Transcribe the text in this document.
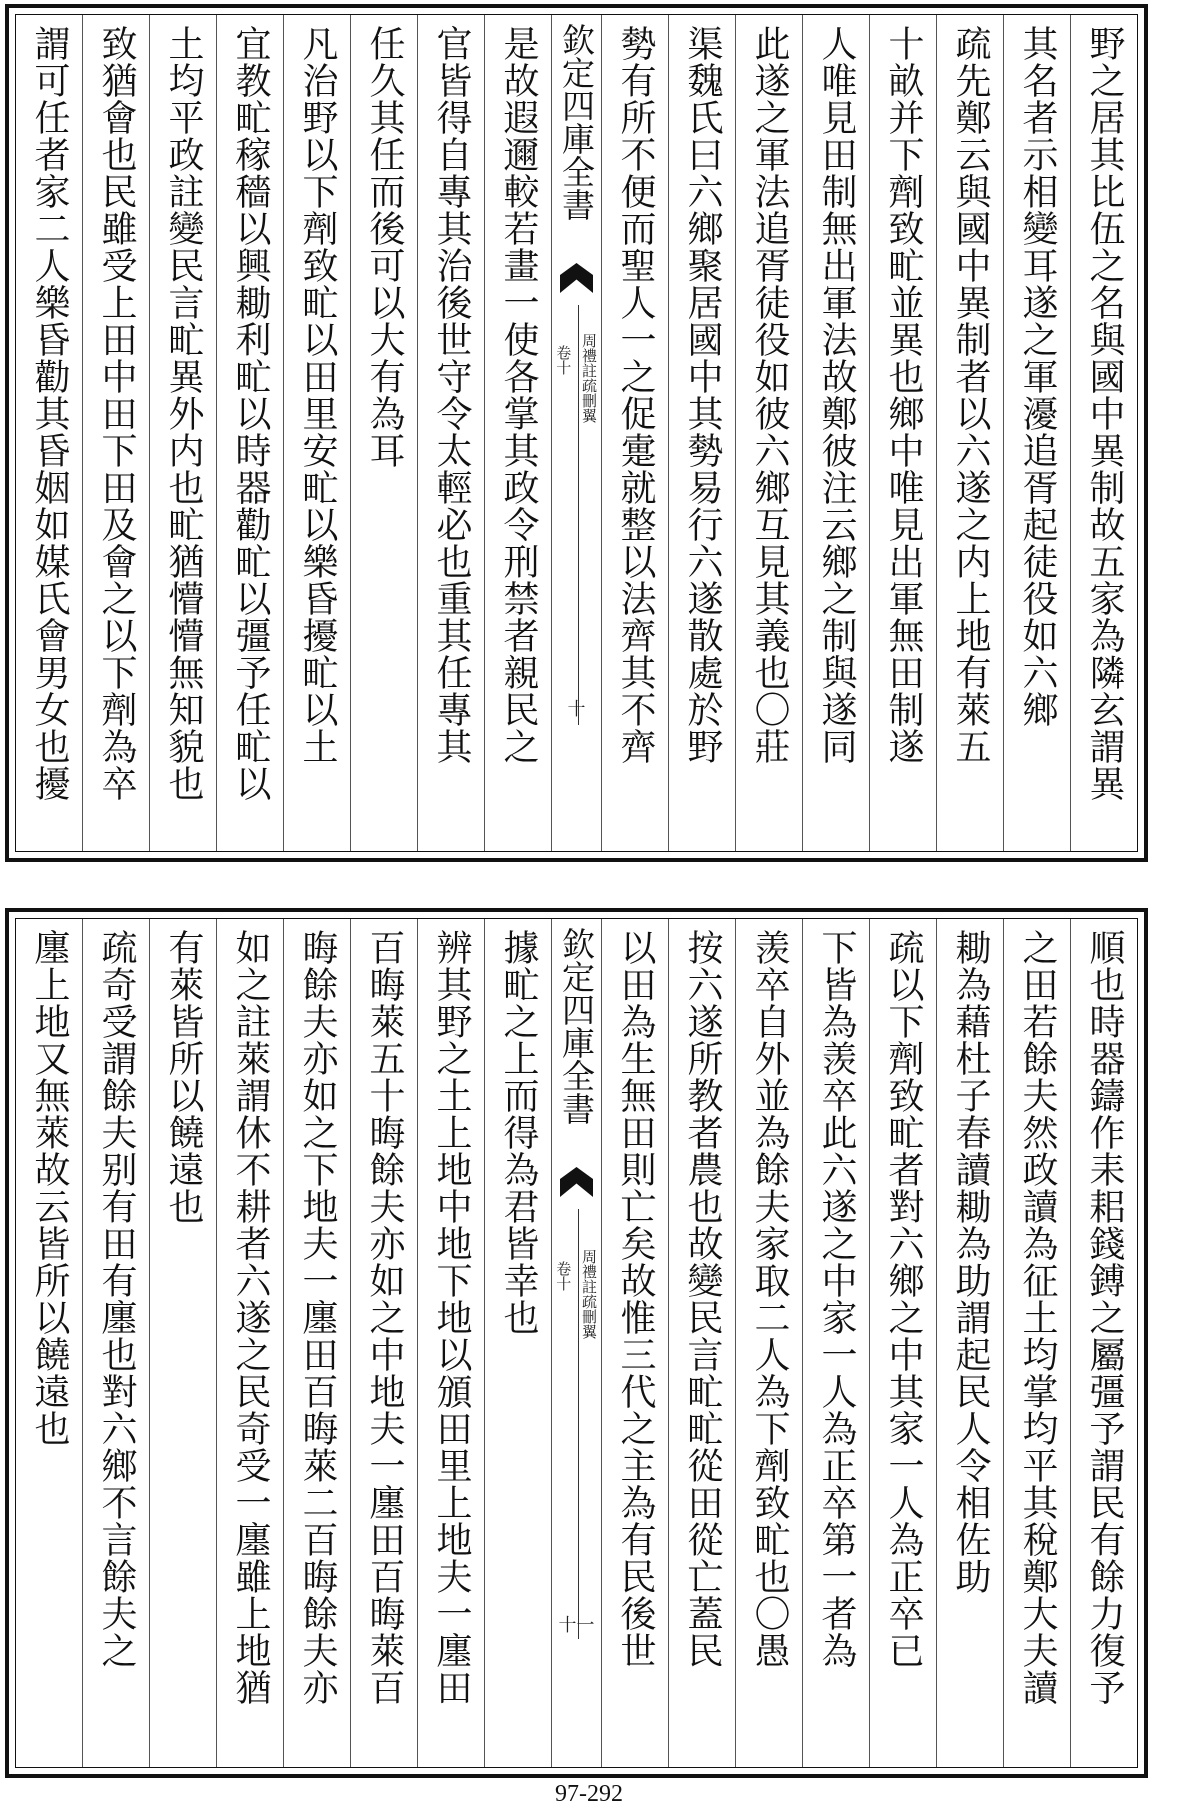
野之居其比伍之名與國中異制故五家為隣玄謂異
其名者示相變耳遂之軍瀀追胥起徒役如六鄉
疏先鄭云與國中異制者以六遂之内上地有萊五
十畝并下劑致甿並異也鄉中唯見出軍無田制遂
人唯見田制無出軍法故鄭彼注云鄉之制與遂同
此遂之軍法追胥徒役如彼六鄉互見其義也〇莊
渠魏氏曰六鄉聚居國中其勢易行六遂散處於野
勢有所不便而聖人一之促疐就整以法齊其不齊
欽定四庫全書
周禮註疏刪翼
卷十
十
是故遐邇較若畫一使各掌其政令刑禁者親民之
官皆得自專其治後世守令太輕必也重其任專其
任久其任而後可以大有為耳
凡治野以下劑致甿以田里安甿以樂昏擾甿以土
宜教甿稼穡以興耡利甿以時器勸甿以彊予任甿以
土均平政註變民言甿異外内也甿猶懵懵無知貌也
致猶會也民雖受上田中田下田及會之以下劑為卒
謂可任者家二人樂昏勸其昏姻如媒氏會男女也擾
順也時器鑄作耒耜錢鎛之屬彊予謂民有餘力復予
之田若餘夫然政讀為征土均掌均平其稅鄭大夫讀
耡為藉杜子春讀耡為助謂起民人令相佐助
疏以下劑致甿者對六鄉之中其家一人為正卒已
下皆為羡卒此六遂之中家一人為正卒第一者為
羡卒自外並為餘夫家取二人為下劑致甿也〇愚
按六遂所教者農也故變民言甿甿從田從亡蓋民
以田為生無田則亡矣故惟三代之主為有民後世
欽定四庫全書
周禮註疏刪翼
卷十
十一
據甿之上而得為君皆幸也
辨其野之土上地中地下地以頒田里上地夫一廛田
百晦萊五十晦餘夫亦如之中地夫一廛田百晦萊百
晦餘夫亦如之下地夫一廛田百晦萊二百晦餘夫亦
如之註萊謂休不耕者六遂之民奇受一廛雖上地猶
有萊皆所以饒遠也
疏奇受謂餘夫别有田有廛也對六鄉不言餘夫之
廛上地又無萊故云皆所以饒遠也
97-292
